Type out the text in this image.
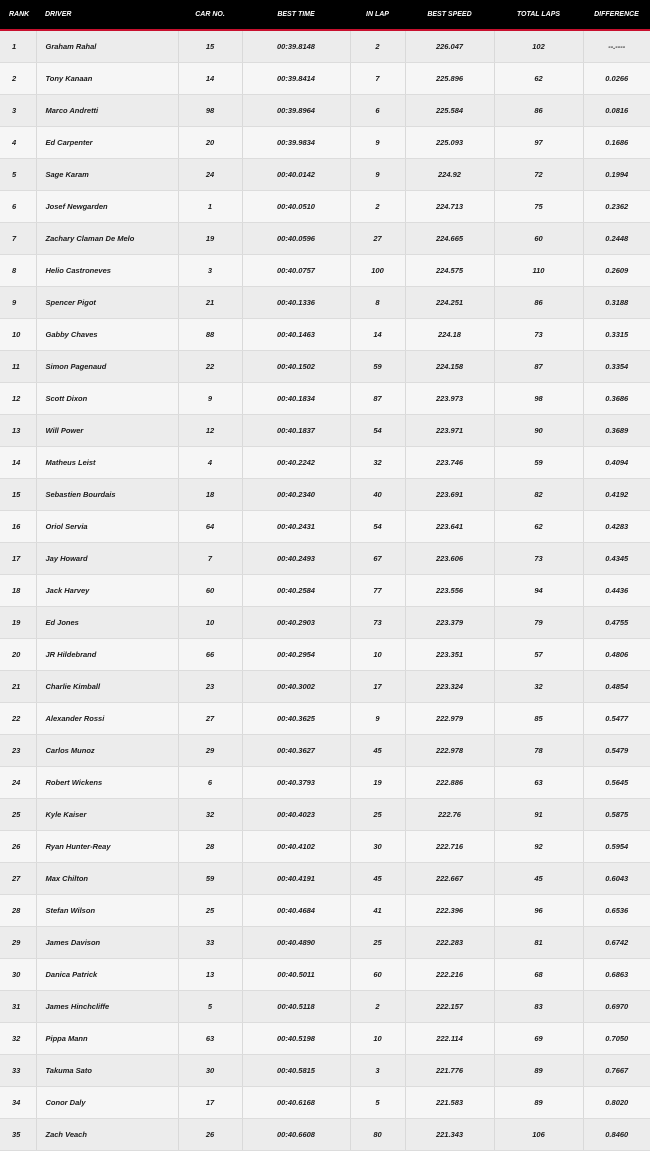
RANK	DRIVER	CAR NO.	BEST TIME	IN LAP	BEST SPEED	TOTAL LAPS	DIFFERENCE
1	Graham Rahal	15	00:39.8148	2	226.047	102	--.----
2	Tony Kanaan	14	00:39.8414	7	225.896	62	0.0266
3	Marco Andretti	98	00:39.8964	6	225.584	86	0.0816
4	Ed Carpenter	20	00:39.9834	9	225.093	97	0.1686
5	Sage Karam	24	00:40.0142	9	224.92	72	0.1994
6	Josef Newgarden	1	00:40.0510	2	224.713	75	0.2362
7	Zachary Claman De Melo	19	00:40.0596	27	224.665	60	0.2448
8	Helio Castroneves	3	00:40.0757	100	224.575	110	0.2609
9	Spencer Pigot	21	00:40.1336	8	224.251	86	0.3188
10	Gabby Chaves	88	00:40.1463	14	224.18	73	0.3315
11	Simon Pagenaud	22	00:40.1502	59	224.158	87	0.3354
12	Scott Dixon	9	00:40.1834	87	223.973	98	0.3686
13	Will Power	12	00:40.1837	54	223.971	90	0.3689
14	Matheus Leist	4	00:40.2242	32	223.746	59	0.4094
15	Sebastien Bourdais	18	00:40.2340	40	223.691	82	0.4192
16	Oriol Servia	64	00:40.2431	54	223.641	62	0.4283
17	Jay Howard	7	00:40.2493	67	223.606	73	0.4345
18	Jack Harvey	60	00:40.2584	77	223.556	94	0.4436
19	Ed Jones	10	00:40.2903	73	223.379	79	0.4755
20	JR Hildebrand	66	00:40.2954	10	223.351	57	0.4806
21	Charlie Kimball	23	00:40.3002	17	223.324	32	0.4854
22	Alexander Rossi	27	00:40.3625	9	222.979	85	0.5477
23	Carlos Munoz	29	00:40.3627	45	222.978	78	0.5479
24	Robert Wickens	6	00:40.3793	19	222.886	63	0.5645
25	Kyle Kaiser	32	00:40.4023	25	222.76	91	0.5875
26	Ryan Hunter-Reay	28	00:40.4102	30	222.716	92	0.5954
27	Max Chilton	59	00:40.4191	45	222.667	45	0.6043
28	Stefan Wilson	25	00:40.4684	41	222.396	96	0.6536
29	James Davison	33	00:40.4890	25	222.283	81	0.6742
30	Danica Patrick	13	00:40.5011	60	222.216	68	0.6863
31	James Hinchcliffe	5	00:40.5118	2	222.157	83	0.6970
32	Pippa Mann	63	00:40.5198	10	222.114	69	0.7050
33	Takuma Sato	30	00:40.5815	3	221.776	89	0.7667
34	Conor Daly	17	00:40.6168	5	221.583	89	0.8020
35	Zach Veach	26	00:40.6608	80	221.343	106	0.8460
